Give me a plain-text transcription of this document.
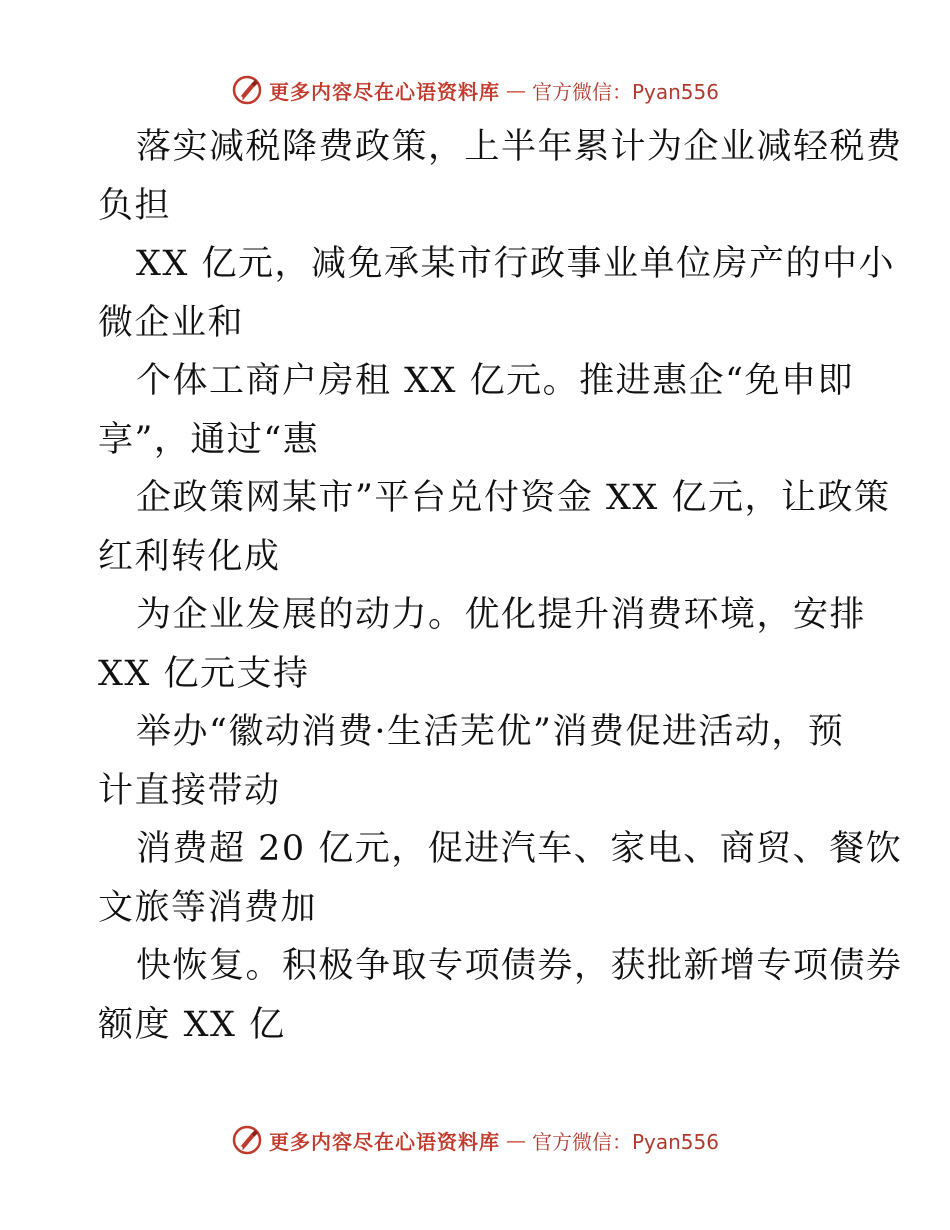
更多内容尽在心语资料库 — 官方微信：Pyan556
落实减税降费政策，上半年累计为企业减轻税费
负担
XX 亿元，减免承某市行政事业单位房产的中小
微企业和
个体工商户房租 XX 亿元。推进惠企“免申即
享”，通过“惠
企政策网某市”平台兑付资金 XX 亿元，让政策
红利转化成
为企业发展的动力。优化提升消费环境，安排
XX 亿元支持
举办“徽动消费·生活芜优”消费促进活动，预
计直接带动
消费超 20 亿元，促进汽车、家电、商贸、餐饮
文旅等消费加
快恢复。积极争取专项债券，获批新增专项债券
额度 XX 亿
更多内容尽在心语资料库 — 官方微信：Pyan556
